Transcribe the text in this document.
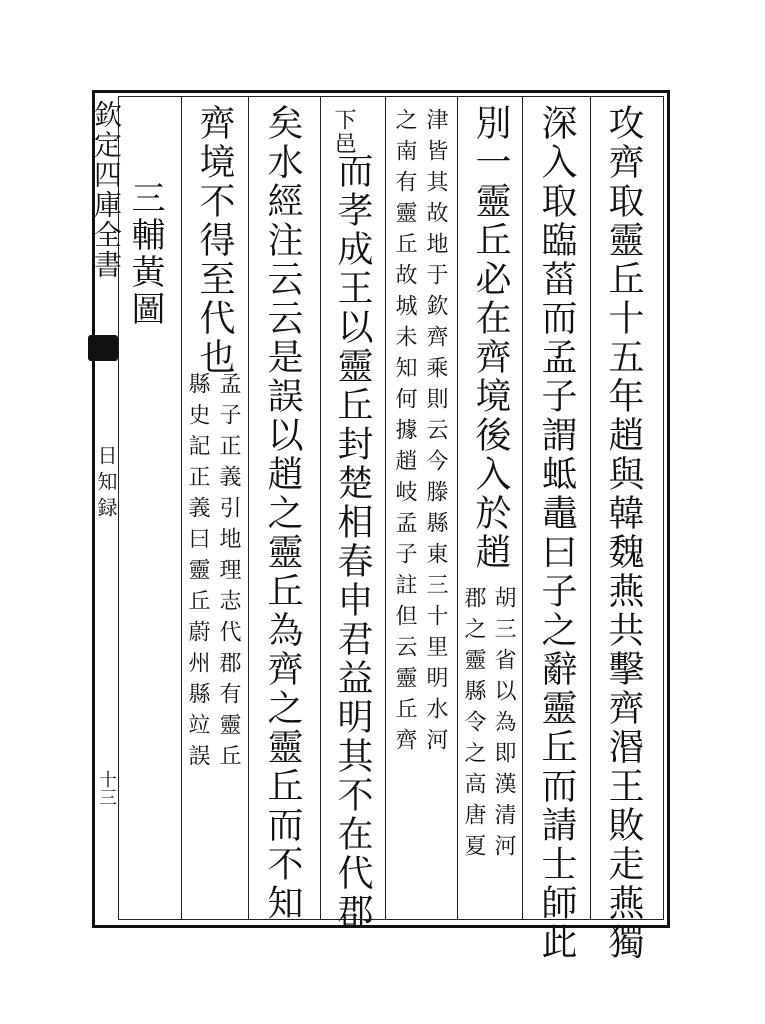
欽定四庫全書
日知録
十三	攻齊取靈丘十五年趙與韓魏燕共擊齊湣王敗走燕獨
深入取臨菑而孟子謂蚳鼃曰子之辭靈丘而請士師此
別一靈丘必在齊境後入於趙
胡三省以為即漢清河
郡之靈縣令之高唐夏
津皆其故地于欽齊乘則云今滕縣東三十里明水河
之南有靈丘故城未知何據趙岐孟子註但云靈丘齊
下邑
而孝成王以靈丘封楚相春申君益明其不在代郡
矣水經注云云是誤以趙之靈丘為齊之靈丘而不知
齊境不得至代也
孟子正義引地理志代郡有靈丘
縣史記正義曰靈丘蔚州縣竝誤
三輔黃圖
